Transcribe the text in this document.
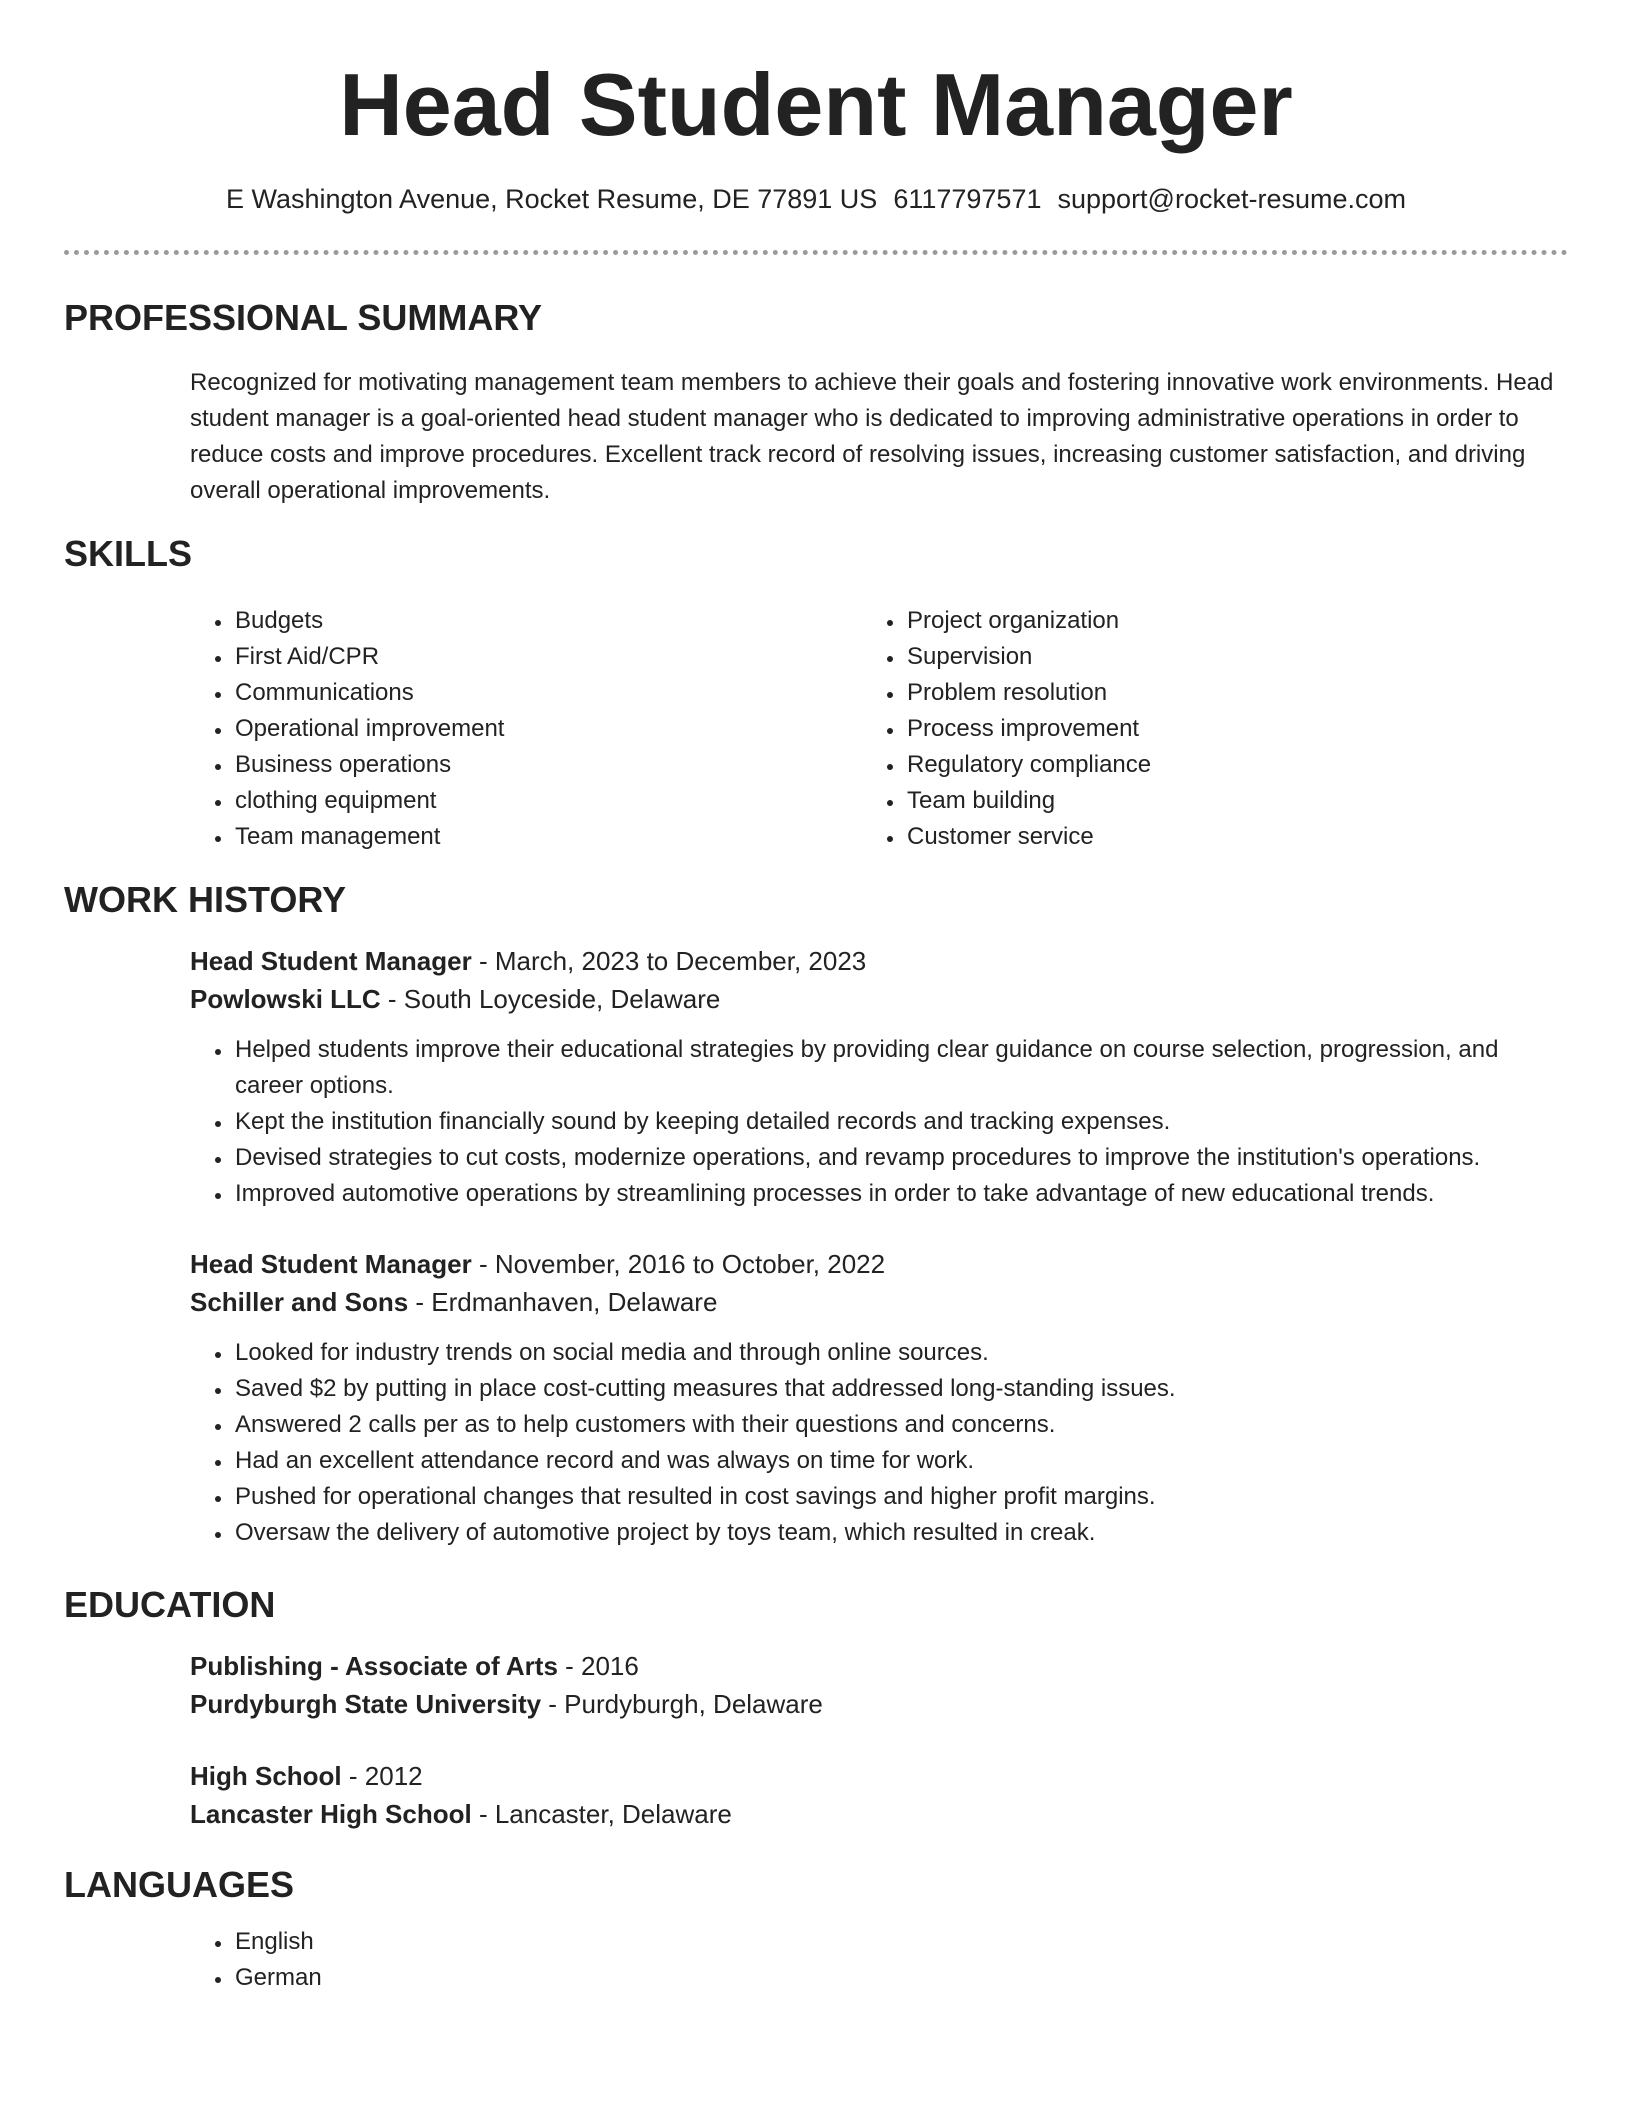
Head Student Manager
E Washington Avenue, Rocket Resume, DE 77891 US 6117797571 support@rocket-resume.com
PROFESSIONAL SUMMARY
Recognized for motivating management team members to achieve their goals and fostering innovative work environments. Head student manager is a goal-oriented head student manager who is dedicated to improving administrative operations in order to reduce costs and improve procedures. Excellent track record of resolving issues, increasing customer satisfaction, and driving overall operational improvements.
SKILLS
• Budgets
• First Aid/CPR
• Communications
• Operational improvement
• Business operations
• clothing equipment
• Team management
• Project organization
• Supervision
• Problem resolution
• Process improvement
• Regulatory compliance
• Team building
• Customer service
WORK HISTORY
Head Student Manager - March, 2023 to December, 2023
Powlowski LLC - South Loyceside, Delaware
• Helped students improve their educational strategies by providing clear guidance on course selection, progression, and career options.
• Kept the institution financially sound by keeping detailed records and tracking expenses.
• Devised strategies to cut costs, modernize operations, and revamp procedures to improve the institution's operations.
• Improved automotive operations by streamlining processes in order to take advantage of new educational trends.
Head Student Manager - November, 2016 to October, 2022
Schiller and Sons - Erdmanhaven, Delaware
• Looked for industry trends on social media and through online sources.
• Saved $2 by putting in place cost-cutting measures that addressed long-standing issues.
• Answered 2 calls per as to help customers with their questions and concerns.
• Had an excellent attendance record and was always on time for work.
• Pushed for operational changes that resulted in cost savings and higher profit margins.
• Oversaw the delivery of automotive project by toys team, which resulted in creak.
EDUCATION
Publishing - Associate of Arts - 2016
Purdyburgh State University - Purdyburgh, Delaware
High School - 2012
Lancaster High School - Lancaster, Delaware
LANGUAGES
• English
• German
